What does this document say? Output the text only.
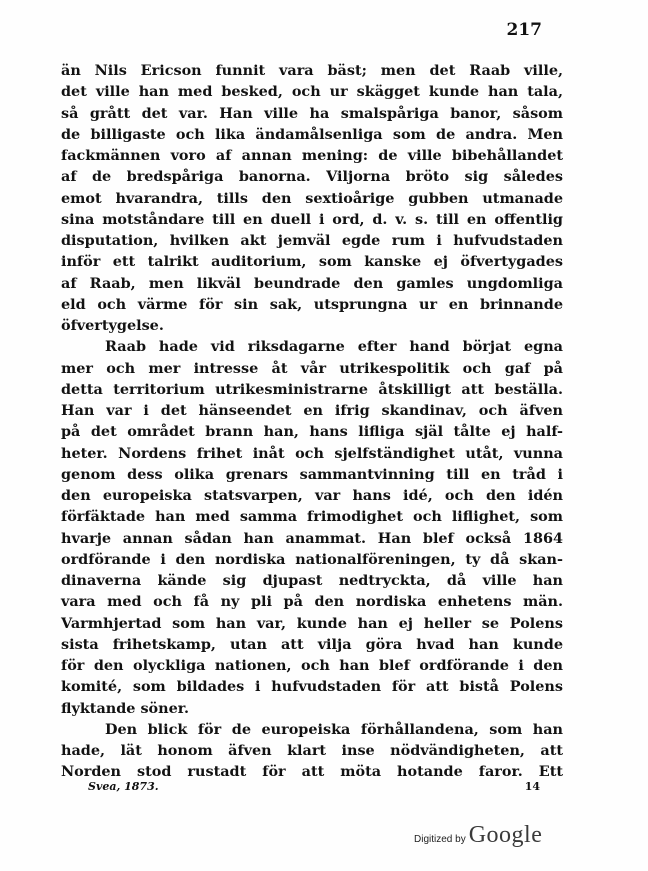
217
än Nils Ericson funnit vara bäst; men det Raab ville,
det ville han med besked, och ur skägget kunde han tala,
så grått det var. Han ville ha smalspåriga banor, såsom
de billigaste och lika ändamålsenliga som de andra. Men
fackmännen voro af annan mening: de ville bibehållandet
af de bredspåriga banorna. Viljorna bröto sig således
emot hvarandra, tills den sextioårige gubben utmanade
sina motståndare till en duell i ord, d. v. s. till en offentlig
disputation, hvilken akt jemväl egde rum i hufvudstaden
inför ett talrikt auditorium, som kanske ej öfvertygades
af Raab, men likväl beundrade den gamles ungdomliga
eld och värme för sin sak, utsprungna ur en brinnande
öfvertygelse.
Raab hade vid riksdagarne efter hand börjat egna
mer och mer intresse åt vår utrikespolitik och gaf på
detta territorium utrikesministrarne åtskilligt att beställa.
Han var i det hänseendet en ifrig skandinav, och äfven
på det området brann han, hans lifliga själ tålte ej half-
heter. Nordens frihet inåt och sjelfständighet utåt, vunna
genom dess olika grenars sammantvinning till en tråd i
den europeiska statsvarpen, var hans idé, och den idén
förfäktade han med samma frimodighet och liflighet, som
hvarje annan sådan han anammat. Han blef också 1864
ordförande i den nordiska nationalföreningen, ty då skan-
dinaverna kände sig djupast nedtryckta, då ville han
vara med och få ny pli på den nordiska enhetens män.
Varmhjertad som han var, kunde han ej heller se Polens
sista frihetskamp, utan att vilja göra hvad han kunde
för den olyckliga nationen, och han blef ordförande i den
komité, som bildades i hufvudstaden för att bistå Polens
flyktande söner.
Den blick för de europeiska förhållandena, som han
hade, lät honom äfven klart inse nödvändigheten, att
Norden stod rustadt för att möta hotande faror. Ett
Svea, 1873.	14
Digitized by Google
